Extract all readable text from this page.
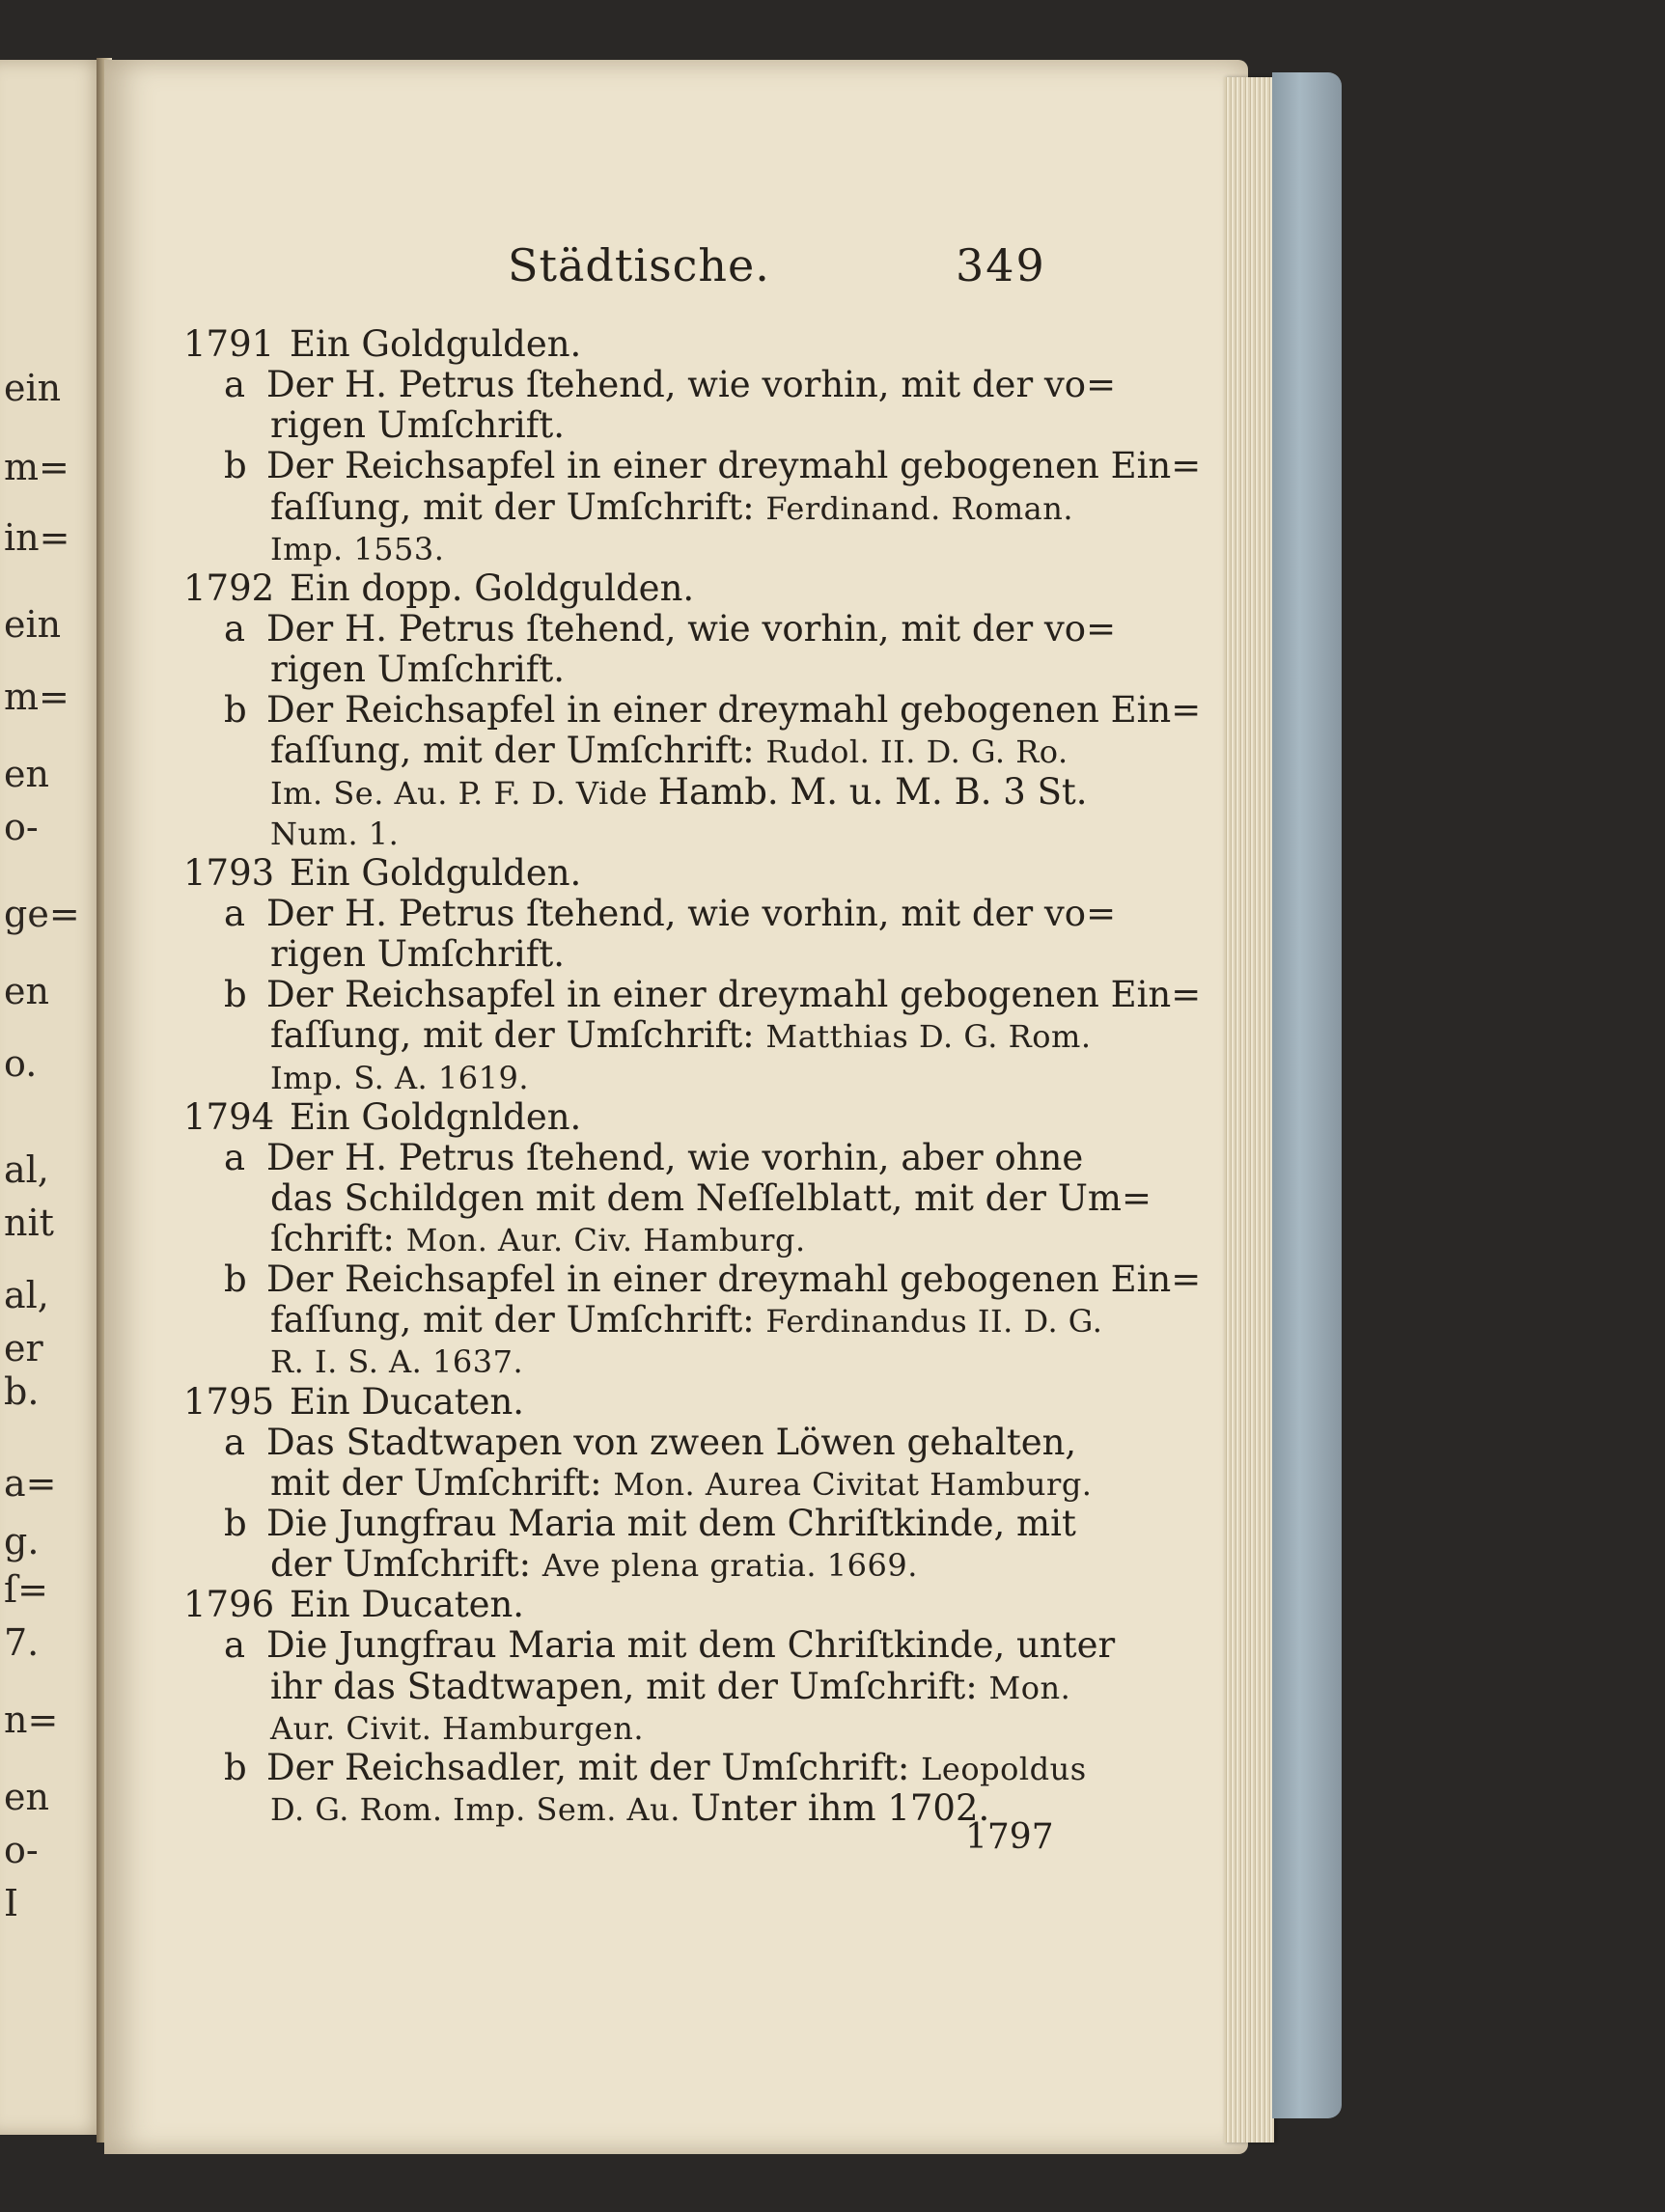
Städtische.	349
1791 Ein Goldgulden.
a Der H. Petrus ſtehend, wie vorhin, mit der vo=
rigen Umſchrift.
b Der Reichsapfel in einer dreymahl gebogenen Ein=
faſſung, mit der Umſchrift: Ferdinand. Roman.
Imp. 1553.
1792 Ein dopp. Goldgulden.
a Der H. Petrus ſtehend, wie vorhin, mit der vo=
rigen Umſchrift.
b Der Reichsapfel in einer dreymahl gebogenen Ein=
faſſung, mit der Umſchrift: Rudol. II. D. G. Ro.
Im. Se. Au. P. F. D. Vide Hamb. M. u. M. B. 3 St.
Num. 1.
1793 Ein Goldgulden.
a Der H. Petrus ſtehend, wie vorhin, mit der vo=
rigen Umſchrift.
b Der Reichsapfel in einer dreymahl gebogenen Ein=
faſſung, mit der Umſchrift: Matthias D. G. Rom.
Imp. S. A. 1619.
1794 Ein Goldgnlden.
a Der H. Petrus ſtehend, wie vorhin, aber ohne
das Schildgen mit dem Neſſelblatt, mit der Um=
ſchrift: Mon. Aur. Civ. Hamburg.
b Der Reichsapfel in einer dreymahl gebogenen Ein=
faſſung, mit der Umſchrift: Ferdinandus II. D. G.
R. I. S. A. 1637.
1795 Ein Ducaten.
a Das Stadtwapen von zween Löwen gehalten,
mit der Umſchrift: Mon. Aurea Civitat Hamburg.
b Die Jungfrau Maria mit dem Chriſtkinde, mit
der Umſchrift: Ave plena gratia. 1669.
1796 Ein Ducaten.
a Die Jungfrau Maria mit dem Chriſtkinde, unter
ihr das Stadtwapen, mit der Umſchrift: Mon.
Aur. Civit. Hamburgen.
b Der Reichsadler, mit der Umſchrift: Leopoldus
D. G. Rom. Imp. Sem. Au. Unter ihm 1702.
1797
ein
m=
in=
ein
m=
en
o-
ge=
en
o.
al,
nit
al,
er
b.
a=
g.
ſ=
7.
n=
en
o-
I
